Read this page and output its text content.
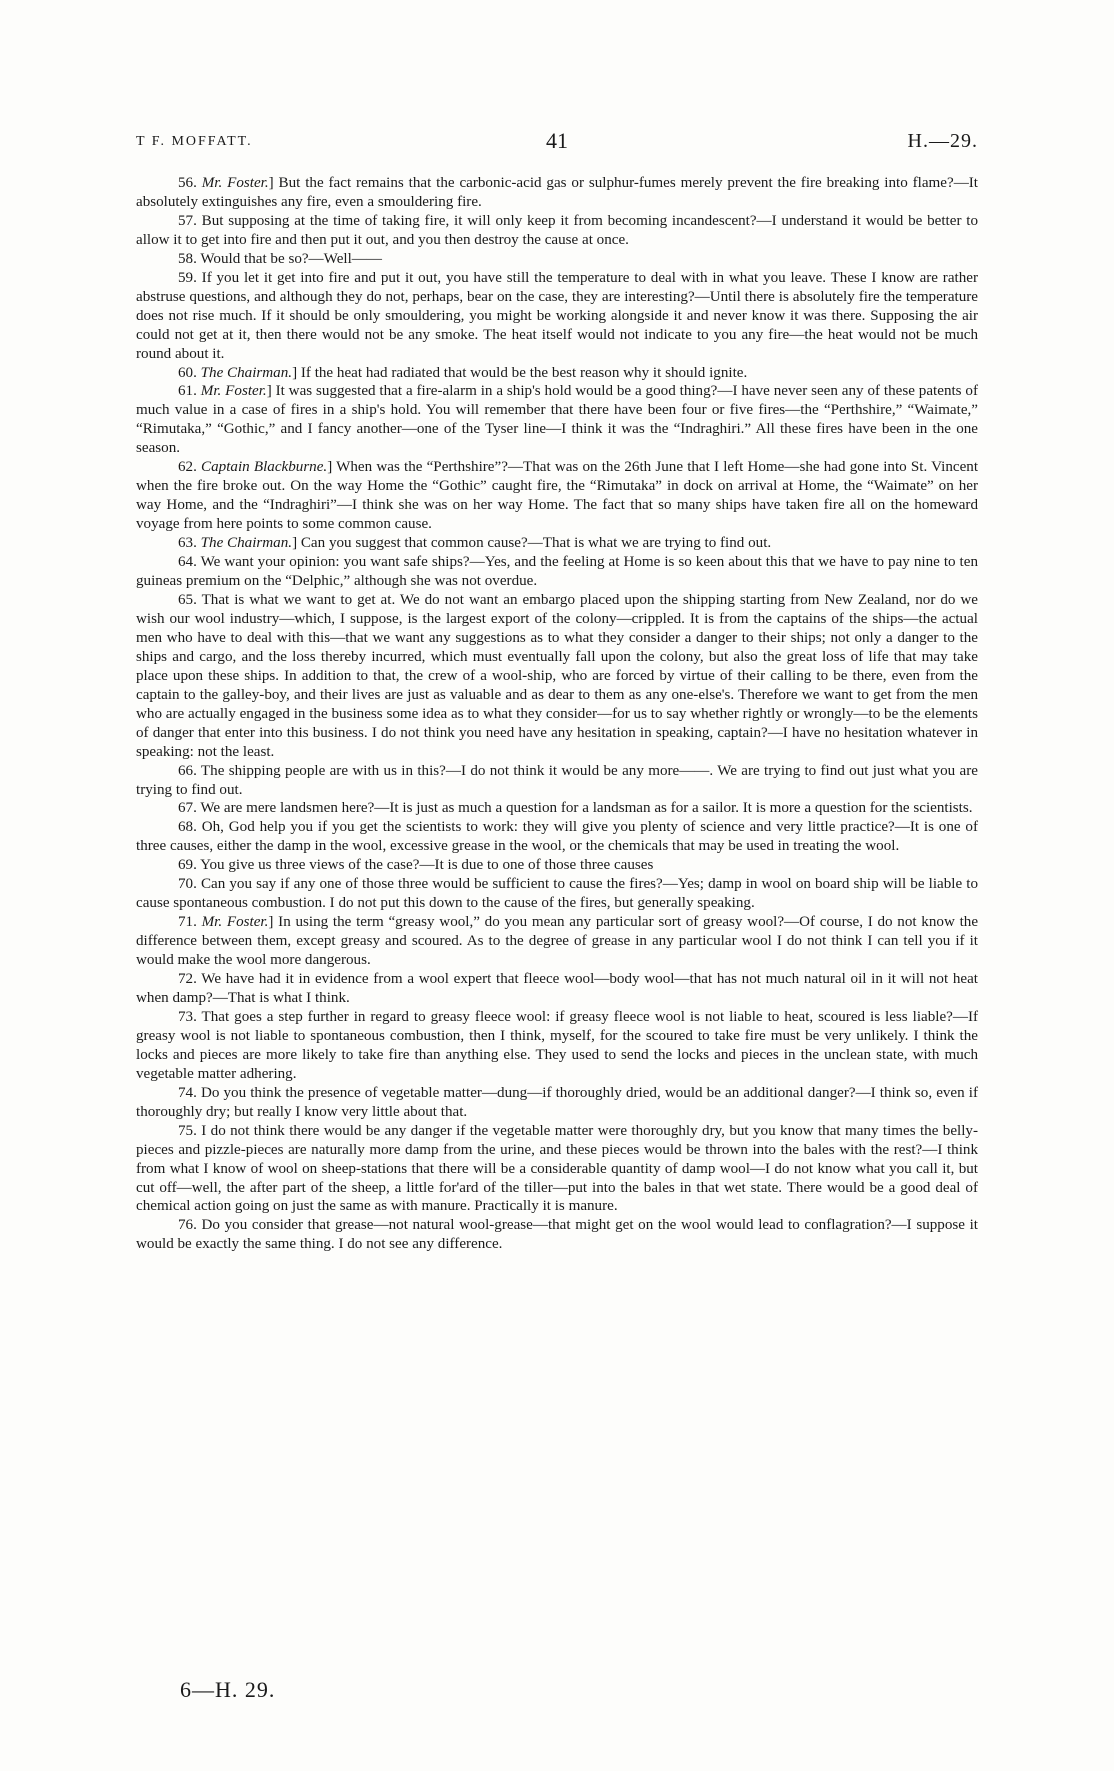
T F. MOFFATT.	41	H.—29.

56. Mr. Foster.] But the fact remains that the carbonic-acid gas or sulphur-fumes merely prevent the fire breaking into flame?—It absolutely extinguishes any fire, even a smouldering fire.

57. But supposing at the time of taking fire, it will only keep it from becoming incandescent?—I understand it would be better to allow it to get into fire and then put it out, and you then destroy the cause at once.

58. Would that be so?—Well——

59. If you let it get into fire and put it out, you have still the temperature to deal with in what you leave. These I know are rather abstruse questions, and although they do not, perhaps, bear on the case, they are interesting?—Until there is absolutely fire the temperature does not rise much. If it should be only smouldering, you might be working alongside it and never know it was there. Supposing the air could not get at it, then there would not be any smoke. The heat itself would not indicate to you any fire—the heat would not be much round about it.

60. The Chairman.] If the heat had radiated that would be the best reason why it should ignite.

61. Mr. Foster.] It was suggested that a fire-alarm in a ship's hold would be a good thing?—I have never seen any of these patents of much value in a case of fires in a ship's hold. You will remember that there have been four or five fires—the “Perthshire,” “Waimate,” “Rimutaka,” “Gothic,” and I fancy another—one of the Tyser line—I think it was the “Indraghiri.” All these fires have been in the one season.

62. Captain Blackburne.] When was the “Perthshire”?—That was on the 26th June that I left Home—she had gone into St. Vincent when the fire broke out. On the way Home the “Gothic” caught fire, the “Rimutaka” in dock on arrival at Home, the “Waimate” on her way Home, and the “Indraghiri”—I think she was on her way Home. The fact that so many ships have taken fire all on the homeward voyage from here points to some common cause.

63. The Chairman.] Can you suggest that common cause?—That is what we are trying to find out.

64. We want your opinion: you want safe ships?—Yes, and the feeling at Home is so keen about this that we have to pay nine to ten guineas premium on the “Delphic,” although she was not overdue.

65. That is what we want to get at. We do not want an embargo placed upon the shipping starting from New Zealand, nor do we wish our wool industry—which, I suppose, is the largest export of the colony—crippled. It is from the captains of the ships—the actual men who have to deal with this—that we want any suggestions as to what they consider a danger to their ships; not only a danger to the ships and cargo, and the loss thereby incurred, which must eventually fall upon the colony, but also the great loss of life that may take place upon these ships. In addition to that, the crew of a wool-ship, who are forced by virtue of their calling to be there, even from the captain to the galley-boy, and their lives are just as valuable and as dear to them as any one-else's. Therefore we want to get from the men who are actually engaged in the business some idea as to what they consider—for us to say whether rightly or wrongly—to be the elements of danger that enter into this business. I do not think you need have any hesitation in speaking, captain?—I have no hesitation whatever in speaking: not the least.

66. The shipping people are with us in this?—I do not think it would be any more——. We are trying to find out just what you are trying to find out.

67. We are mere landsmen here?—It is just as much a question for a landsman as for a sailor. It is more a question for the scientists.

68. Oh, God help you if you get the scientists to work: they will give you plenty of science and very little practice?—It is one of three causes, either the damp in the wool, excessive grease in the wool, or the chemicals that may be used in treating the wool.

69. You give us three views of the case?—It is due to one of those three causes

70. Can you say if any one of those three would be sufficient to cause the fires?—Yes; damp in wool on board ship will be liable to cause spontaneous combustion. I do not put this down to the cause of the fires, but generally speaking.

71. Mr. Foster.] In using the term “greasy wool,” do you mean any particular sort of greasy wool?—Of course, I do not know the difference between them, except greasy and scoured. As to the degree of grease in any particular wool I do not think I can tell you if it would make the wool more dangerous.

72. We have had it in evidence from a wool expert that fleece wool—body wool—that has not much natural oil in it will not heat when damp?—That is what I think.

73. That goes a step further in regard to greasy fleece wool: if greasy fleece wool is not liable to heat, scoured is less liable?—If greasy wool is not liable to spontaneous combustion, then I think, myself, for the scoured to take fire must be very unlikely. I think the locks and pieces are more likely to take fire than anything else. They used to send the locks and pieces in the unclean state, with much vegetable matter adhering.

74. Do you think the presence of vegetable matter—dung—if thoroughly dried, would be an additional danger?—I think so, even if thoroughly dry; but really I know very little about that.

75. I do not think there would be any danger if the vegetable matter were thoroughly dry, but you know that many times the belly-pieces and pizzle-pieces are naturally more damp from the urine, and these pieces would be thrown into the bales with the rest?—I think from what I know of wool on sheep-stations that there will be a considerable quantity of damp wool—I do not know what you call it, but cut off—well, the after part of the sheep, a little for'ard of the tiller—put into the bales in that wet state. There would be a good deal of chemical action going on just the same as with manure. Practically it is manure.

76. Do you consider that grease—not natural wool-grease—that might get on the wool would lead to conflagration?—I suppose it would be exactly the same thing. I do not see any difference.

6—H. 29.
